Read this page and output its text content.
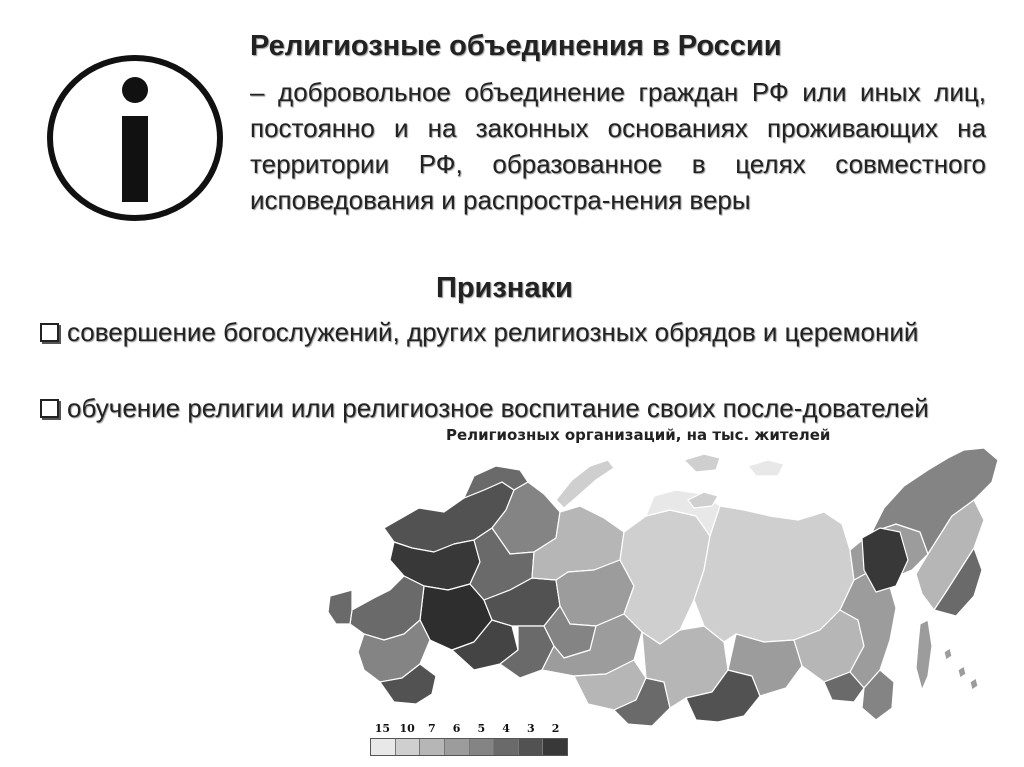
Религиозные объединения в России

– добровольное объединение граждан РФ или иных лиц, постоянно и на законных основаниях проживающих на территории РФ, образованное в целях совместного исповедования и распростра-нения веры

Признаки
совершение богослужений, других религиозных обрядов и церемоний
обучение религии или религиозное воспитание своих после-дователей
Религиозных организаций, на тыс. жителей
15 10	7	6	5	4	3	2
